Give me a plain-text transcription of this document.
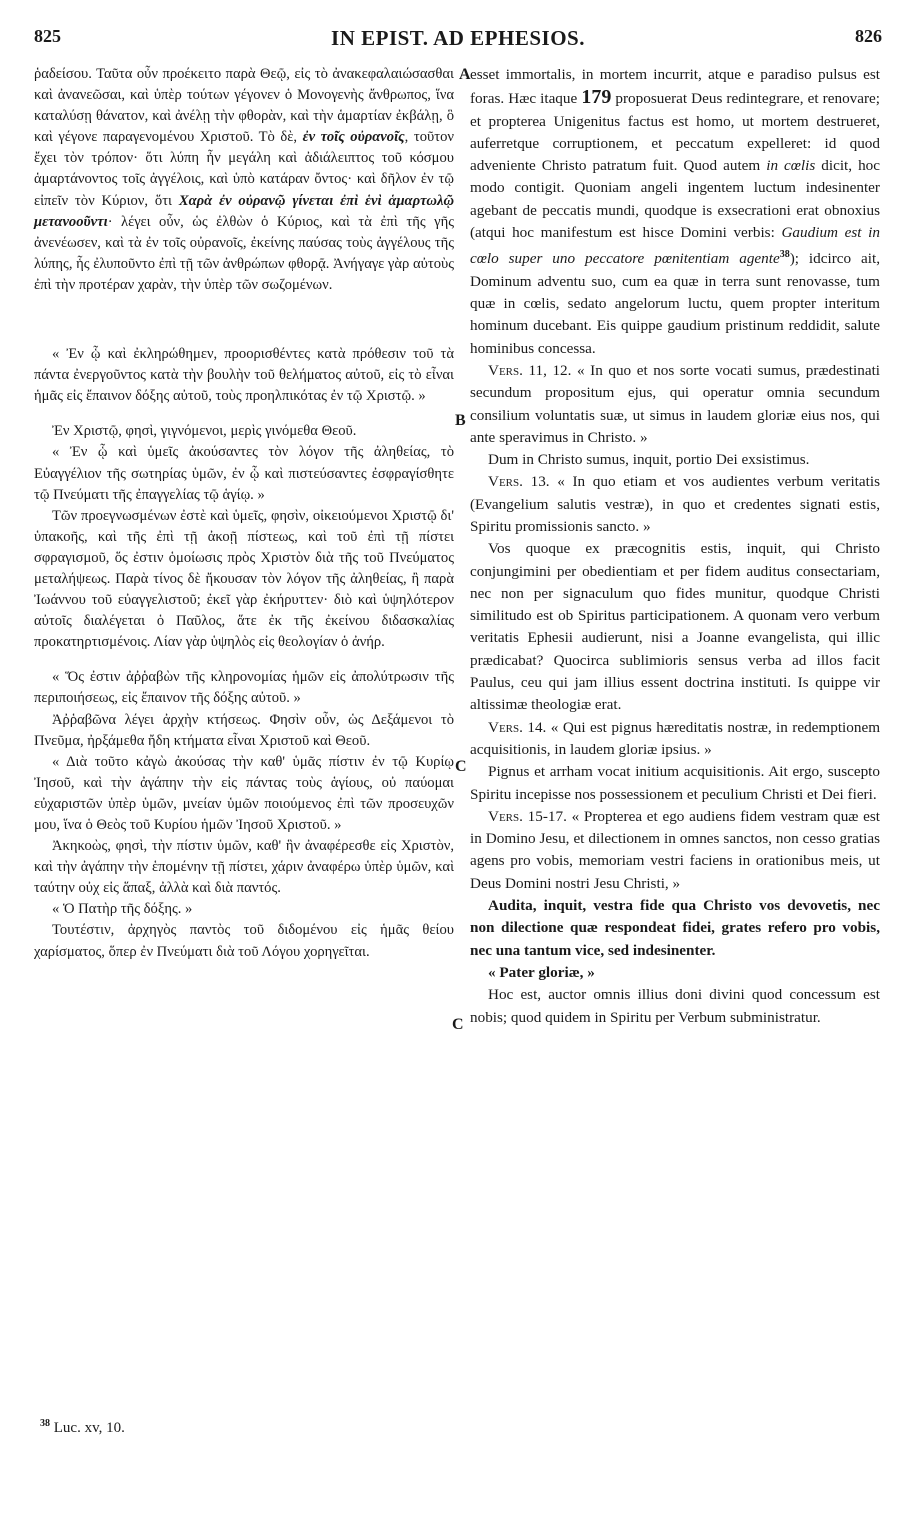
825	IN EPIST. AD EPHESIOS.	826
A
B
C
C

ῥαδείσου. Ταῦτα οὖν προέκειτο παρὰ Θεῷ, εἰς τὸ ἀνακεφαλαιώσασθαι καὶ ἀνανεῶσαι, καὶ ὑπὲρ τούτων γέγονεν ὁ Μονογενὴς ἄνθρωπος, ἵνα καταλύσῃ θάνατον, καὶ ἀνέλῃ τὴν φθορὰν, καὶ τὴν ἁμαρτίαν ἐκβάλῃ, ὃ καὶ γέγονε παραγενομένου Χριστοῦ. Τὸ δὲ, ἐν τοῖς οὐρανοῖς, τοῦτον ἔχει τὸν τρόπον· ὅτι λύπη ἦν μεγάλη καὶ ἀδιάλειπτος τοῦ κόσμου ἁμαρτάνοντος τοῖς ἀγγέλοις, καὶ ὑπὸ κατάραν ὄντος· καὶ δῆλον ἐν τῷ εἰπεῖν τὸν Κύριον, ὅτι Χαρὰ ἐν οὐρανῷ γίνεται ἐπὶ ἑνὶ ἁμαρτωλῷ μετανοοῦντι· λέγει οὖν, ὡς ἐλθὼν ὁ Κύριος, καὶ τὰ ἐπὶ τῆς γῆς ἀνενέωσεν, καὶ τὰ ἐν τοῖς οὐρανοῖς, ἐκείνης παύσας τοὺς ἀγγέλους τῆς λύπης, ἧς ἐλυποῦντο ἐπὶ τῇ τῶν ἀνθρώπων φθορᾷ. Ἀνήγαγε γὰρ αὐτοὺς ἐπὶ τὴν προτέραν χαρὰν, τὴν ὑπὲρ τῶν σωζομένων.

« Ἐν ᾧ καὶ ἐκληρώθημεν, προορισθέντες κατὰ πρόθεσιν τοῦ τὰ πάντα ἐνεργοῦντος κατὰ τὴν βουλὴν τοῦ θελήματος αὐτοῦ, εἰς τὸ εἶναι ἡμᾶς εἰς ἔπαινον δόξης αὐτοῦ, τοὺς προηλπικότας ἐν τῷ Χριστῷ. »

Ἐν Χριστῷ, φησὶ, γιγνόμενοι, μερὶς γινόμεθα Θεοῦ.

« Ἐν ᾧ καὶ ὑμεῖς ἀκούσαντες τὸν λόγον τῆς ἀληθείας, τὸ Εὐαγγέλιον τῆς σωτηρίας ὑμῶν, ἐν ᾧ καὶ πιστεύσαντες ἐσφραγίσθητε τῷ Πνεύματι τῆς ἐπαγγελίας τῷ ἁγίῳ. »

Τῶν προεγνωσμένων ἐστὲ καὶ ὑμεῖς, φησὶν, οἰκειούμενοι Χριστῷ δι' ὑπακοῆς, καὶ τῆς ἐπὶ τῇ ἀκοῇ πίστεως, καὶ τοῦ ἐπὶ τῇ πίστει σφραγισμοῦ, ὅς ἐστιν ὁμοίωσις πρὸς Χριστὸν διὰ τῆς τοῦ Πνεύματος μεταλήψεως. Παρὰ τίνος δὲ ἤκουσαν τὸν λόγον τῆς ἀληθείας, ἢ παρὰ Ἰωάννου τοῦ εὐαγγελιστοῦ; ἐκεῖ γὰρ ἐκήρυττεν· διὸ καὶ ὑψηλότερον αὐτοῖς διαλέγεται ὁ Παῦλος, ἅτε ἐκ τῆς ἐκείνου διδασκαλίας προκατηρτισμένοις. Λίαν γὰρ ὑψηλὸς εἰς θεολογίαν ὁ ἀνήρ.

« Ὅς ἐστιν ἀῤῥαβὼν τῆς κληρονομίας ἡμῶν εἰς ἀπολύτρωσιν τῆς περιποιήσεως, εἰς ἔπαινον τῆς δόξης αὐτοῦ. »

Ἀῤῥαβῶνα λέγει ἀρχὴν κτήσεως. Φησὶν οὖν, ὡς Δεξάμενοι τὸ Πνεῦμα, ἠρξάμεθα ἤδη κτήματα εἶναι Χριστοῦ καὶ Θεοῦ.

« Διὰ τοῦτο κἀγὼ ἀκούσας τὴν καθ' ὑμᾶς πίστιν ἐν τῷ Κυρίῳ Ἰησοῦ, καὶ τὴν ἀγάπην τὴν εἰς πάντας τοὺς ἁγίους, οὐ παύομαι εὐχαριστῶν ὑπὲρ ὑμῶν, μνείαν ὑμῶν ποιούμενος ἐπὶ τῶν προσευχῶν μου, ἵνα ὁ Θεὸς τοῦ Κυρίου ἡμῶν Ἰησοῦ Χριστοῦ. »

Ἀκηκοὼς, φησὶ, τὴν πίστιν ὑμῶν, καθ' ἣν ἀναφέρεσθε εἰς Χριστὸν, καὶ τὴν ἀγάπην τὴν ἑπομένην τῇ πίστει, χάριν ἀναφέρω ὑπὲρ ὑμῶν, καὶ ταύτην οὐχ εἰς ἅπαξ, ἀλλὰ καὶ διὰ παντός.

« Ὁ Πατὴρ τῆς δόξης. »

Τουτέστιν, ἀρχηγὸς παντὸς τοῦ διδομένου εἰς ἡμᾶς θείου χαρίσματος, ὅπερ ἐν Πνεύματι διὰ τοῦ Λόγου χορηγεῖται.

esset immortalis, in mortem incurrit, atque e paradiso pulsus est foras. Hæc itaque 179 proposuerat Deus redintegrare, et renovare; et propterea Unigenitus factus est homo, ut mortem destrueret, auferretque corruptionem, et peccatum expelleret: id quod adveniente Christo patratum fuit. Quod autem in cœlis dicit, hoc modo contigit. Quoniam angeli ingentem luctum indesinenter agebant de peccatis mundi, quodque is exsecrationi erat obnoxius (atqui hoc manifestum est hisce Domini verbis: Gaudium est in cœlo super uno peccatore pœnitentiam agente$^{38}$); idcirco ait, Dominum adventu suo, cum ea quæ in terra sunt renovasse, tum quæ in cœlis, sedato angelorum luctu, quem propter interitum hominum ducebant. Eis quippe gaudium pristinum reddidit, salute hominibus concessa.

Vers. 11, 12. « In quo et nos sorte vocati sumus, prædestinati secundum propositum ejus, qui operatur omnia secundum consilium voluntatis suæ, ut simus in laudem gloriæ eius nos, qui ante speravimus in Christo. »

Dum in Christo sumus, inquit, portio Dei exsistimus.

Vers. 13. « In quo etiam et vos audientes verbum veritatis (Evangelium salutis vestræ), in quo et credentes signati estis, Spiritu promissionis sancto. »

Vos quoque ex præcognitis estis, inquit, qui Christo conjungimini per obedientiam et per fidem auditus consectariam, nec non per signaculum quo fides munitur, quodque Christi similitudo est ob Spiritus participationem. A quonam vero verbum veritatis Ephesii audierunt, nisi a Joanne evangelista, qui illic prædicabat? Quocirca sublimioris sensus verba ad illos facit Paulus, ceu qui jam illius essent doctrina instituti. Is quippe vir altissimæ theologiæ erat.

Vers. 14. « Qui est pignus hæreditatis nostræ, in redemptionem acquisitionis, in laudem gloriæ ipsius. »

Pignus et arrham vocat initium acquisitionis. Ait ergo, suscepto Spiritu incepisse nos possessionem et peculium Christi et Dei fieri.

Vers. 15-17. « Propterea et ego audiens fidem vestram quæ est in Domino Jesu, et dilectionem in omnes sanctos, non cesso gratias agens pro vobis, memoriam vestri faciens in orationibus meis, ut Deus Domini nostri Jesu Christi, »

Audita, inquit, vestra fide qua Christo vos devovetis, nec non dilectione quæ respondeat fidei, grates refero pro vobis, nec una tantum vice, sed indesinenter.

« Pater gloriæ, »

Hoc est, auctor omnis illius doni divini quod concessum est nobis; quod quidem in Spiritu per Verbum subministratur.

$^{38}$ Luc. xv, 10.
